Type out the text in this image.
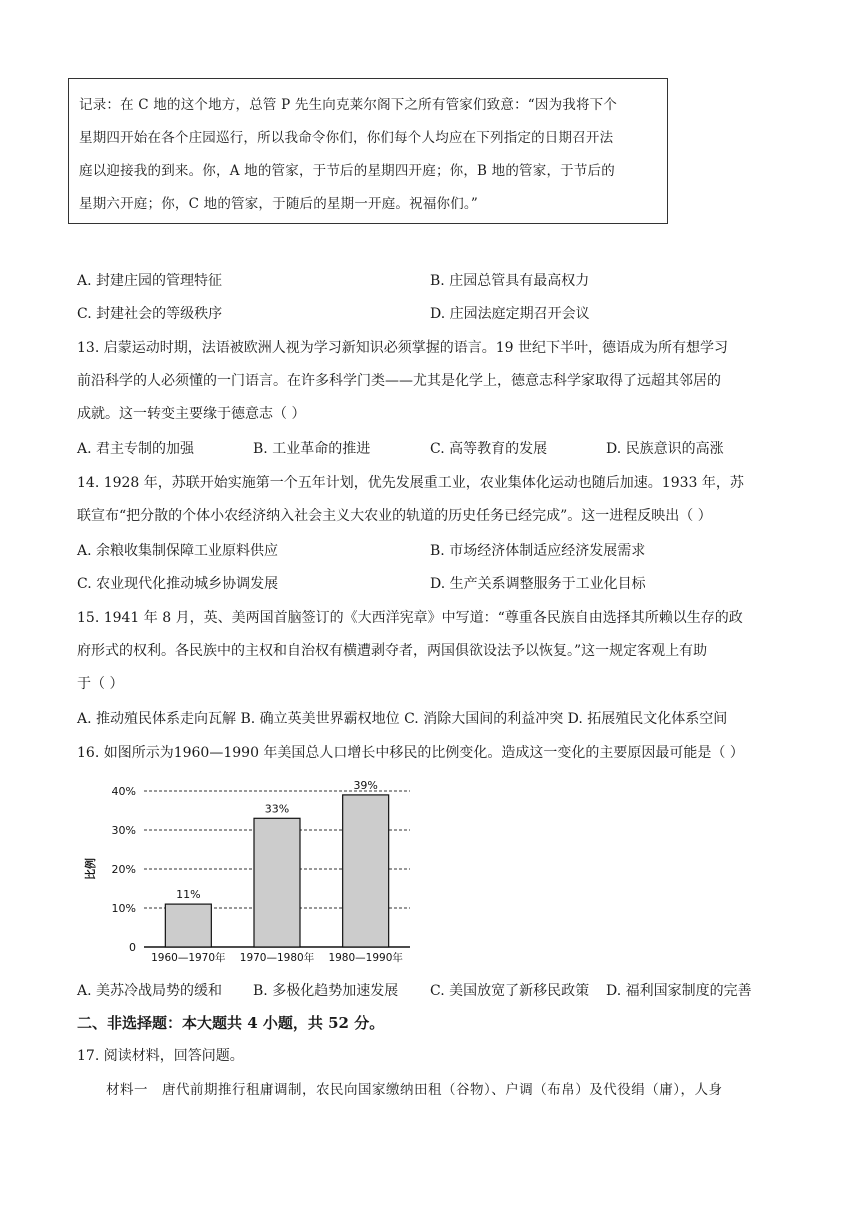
记录：在 C 地的这个地方，总管 P 先生向克莱尔阁下之所有管家们致意：“因为我将下个
星期四开始在各个庄园巡行，所以我命令你们，你们每个人均应在下列指定的日期召开法
庭以迎接我的到来。你，A 地的管家，于节后的星期四开庭；你，B 地的管家，于节后的
星期六开庭；你，C 地的管家，于随后的星期一开庭。祝福你们。”
A. 封建庄园的管理特征	B. 庄园总管具有最高权力
C. 封建社会的等级秩序	D. 庄园法庭定期召开会议
13. 启蒙运动时期，法语被欧洲人视为学习新知识必须掌握的语言。19 世纪下半叶，德语成为所有想学习
前沿科学的人必须懂的一门语言。在许多科学门类——尤其是化学上，德意志科学家取得了远超其邻居的
成就。这一转变主要缘于德意志（ ）
A. 君主专制的加强	B. 工业革命的推进	C. 高等教育的发展	D. 民族意识的高涨
14. 1928 年，苏联开始实施第一个五年计划，优先发展重工业，农业集体化运动也随后加速。1933 年，苏
联宣布“把分散的个体小农经济纳入社会主义大农业的轨道的历史任务已经完成”。这一进程反映出（ ）
A. 余粮收集制保障工业原料供应	B. 市场经济体制适应经济发展需求
C. 农业现代化推动城乡协调发展	D. 生产关系调整服务于工业化目标
15. 1941 年 8 月，英、美两国首脑签订的《大西洋宪章》中写道：“尊重各民族自由选择其所赖以生存的政
府形式的权利。各民族中的主权和自治权有横遭剥夺者，两国俱欲设法予以恢复。”这一规定客观上有助
于（ ）
A. 推动殖民体系走向瓦解 B. 确立英美世界霸权地位 C. 消除大国间的利益冲突 D. 拓展殖民文化体系空间
16. 如图所示为1960—1990 年美国总人口增长中移民的比例变化。造成这一变化的主要原因最可能是（ ）
0
10%
20%
30%
40%
比例
11%
1960—1970年
33%
1970—1980年
39%
1980—1990年
A. 美苏冷战局势的缓和 B. 多极化趋势加速发展 C. 美国放宽了新移民政策 D. 福利国家制度的完善
二、非选择题：本大题共 4 小题，共 52 分。
17. 阅读材料，回答问题。
材料一　唐代前期推行租庸调制，农民向国家缴纳田租（谷物）、户调（布帛）及代役绢（庸），人身
